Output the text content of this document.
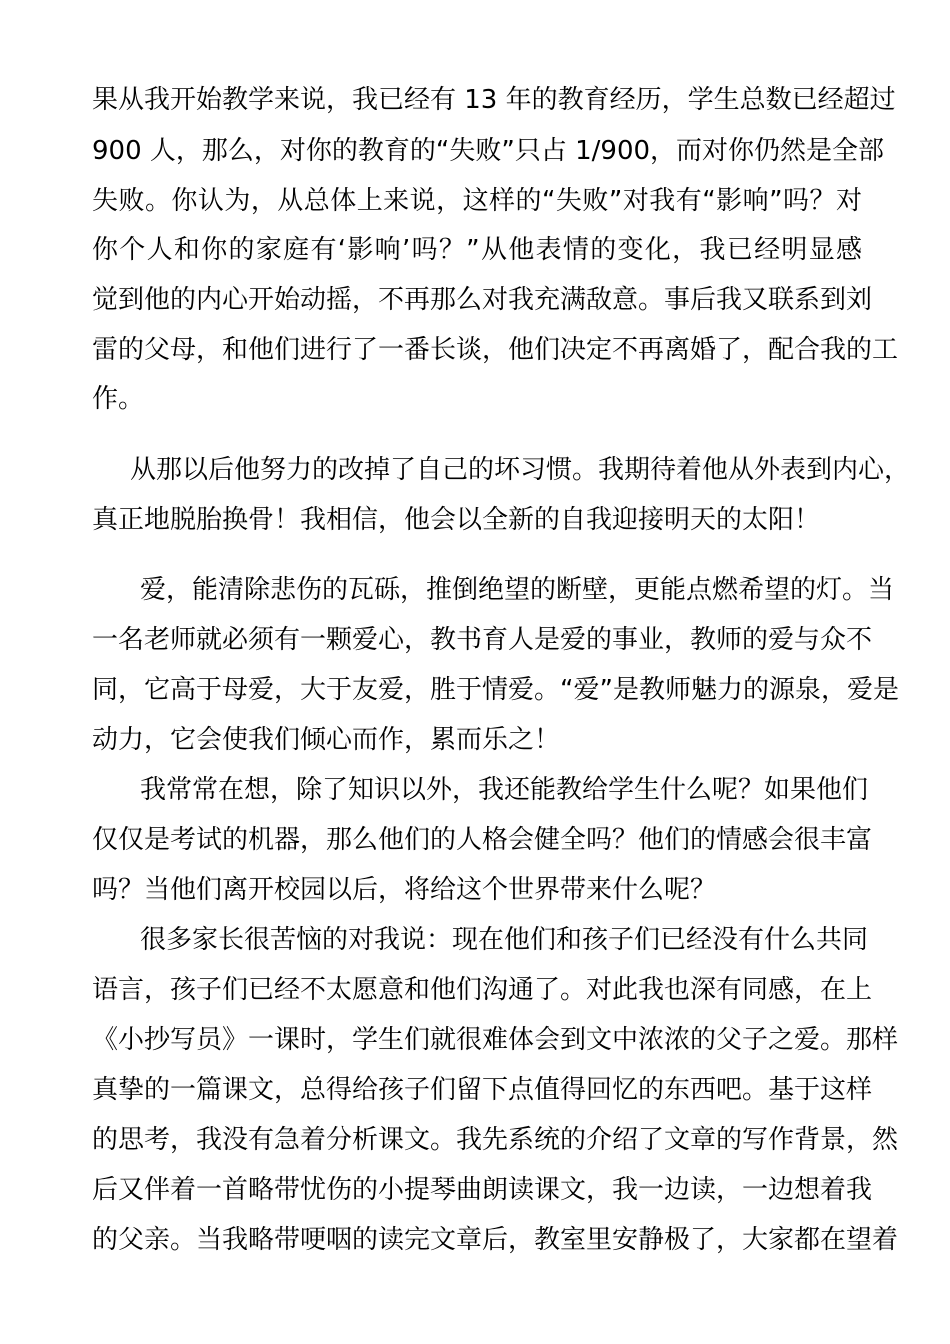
果从我开始教学来说，我已经有 13 年的教育经历，学生总数已经超过
900 人，那么，对你的教育的“失败”只占 1/900，而对你仍然是全部
失败。你认为，从总体上来说，这样的“失败”对我有“影响”吗？对
你个人和你的家庭有‘影响’吗？”从他表情的变化，我已经明显感
觉到他的内心开始动摇，不再那么对我充满敌意。事后我又联系到刘
雷的父母，和他们进行了一番长谈，他们决定不再离婚了，配合我的工
作。
从那以后他努力的改掉了自己的坏习惯。我期待着他从外表到内心，
真正地脱胎换骨！我相信，他会以全新的自我迎接明天的太阳！
爱，能清除悲伤的瓦砾，推倒绝望的断壁，更能点燃希望的灯。当
一名老师就必须有一颗爱心，教书育人是爱的事业，教师的爱与众不
同，它高于母爱，大于友爱，胜于情爱。“爱”是教师魅力的源泉，爱是
动力，它会使我们倾心而作，累而乐之！
我常常在想，除了知识以外，我还能教给学生什么呢？如果他们
仅仅是考试的机器，那么他们的人格会健全吗？他们的情感会很丰富
吗？当他们离开校园以后，将给这个世界带来什么呢？
很多家长很苦恼的对我说：现在他们和孩子们已经没有什么共同
语言，孩子们已经不太愿意和他们沟通了。对此我也深有同感，在上
《小抄写员》一课时，学生们就很难体会到文中浓浓的父子之爱。那样
真挚的一篇课文，总得给孩子们留下点值得回忆的东西吧。基于这样
的思考，我没有急着分析课文。我先系统的介绍了文章的写作背景，然
后又伴着一首略带忧伤的小提琴曲朗读课文，我一边读，一边想着我
的父亲。当我略带哽咽的读完文章后，教室里安静极了，大家都在望着
